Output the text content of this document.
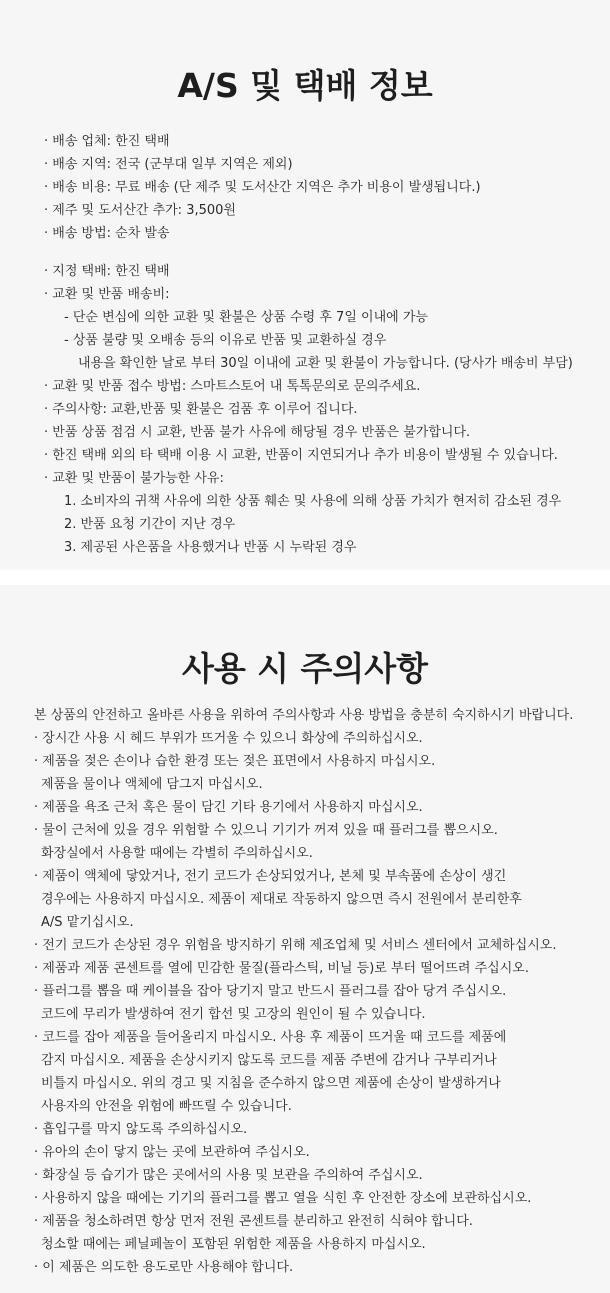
A/S 및 택배 정보
· 배송 업체: 한진 택배
· 배송 지역: 전국 (군부대 일부 지역은 제외)
· 배송 비용: 무료 배송 (단 제주 및 도서산간 지역은 추가 비용이 발생됩니다.)
· 제주 및 도서산간 추가: 3,500원
· 배송 방법: 순차 발송
· 지정 택배: 한진 택배
· 교환 및 반품 배송비:
- 단순 변심에 의한 교환 및 환불은 상품 수령 후 7일 이내에 가능
- 상품 불량 및 오배송 등의 이유로 반품 및 교환하실 경우
내용을 확인한 날로 부터 30일 이내에 교환 및 환불이 가능합니다. (당사가 배송비 부담)
· 교환 및 반품 접수 방법: 스마트스토어 내 톡톡문의로 문의주세요.
· 주의사항: 교환,반품 및 환불은 검품 후 이루어 집니다.
· 반품 상품 점검 시 교환, 반품 불가 사유에 해당될 경우 반품은 불가합니다.
· 한진 택배 외의 타 택배 이용 시 교환, 반품이 지연되거나 추가 비용이 발생될 수 있습니다.
· 교환 및 반품이 불가능한 사유:
1. 소비자의 귀책 사유에 의한 상품 훼손 및 사용에 의해 상품 가치가 현저히 감소된 경우
2. 반품 요청 기간이 지난 경우
3. 제공된 사은품을 사용했거나 반품 시 누락된 경우
사용 시 주의사항
본 상품의 안전하고 올바른 사용을 위하여 주의사항과 사용 방법을 충분히 숙지하시기 바랍니다.
· 장시간 사용 시 헤드 부위가 뜨거울 수 있으니 화상에 주의하십시오.
· 제품을 젖은 손이나 습한 환경 또는 젖은 표면에서 사용하지 마십시오.
제품을 물이나 액체에 담그지 마십시오.
· 제품을 욕조 근처 혹은 물이 담긴 기타 용기에서 사용하지 마십시오.
· 물이 근처에 있을 경우 위험할 수 있으니 기기가 꺼져 있을 때 플러그를 뽑으시오.
화장실에서 사용할 때에는 각별히 주의하십시오.
· 제품이 액체에 닿았거나, 전기 코드가 손상되었거나, 본체 및 부속품에 손상이 생긴
경우에는 사용하지 마십시오. 제품이 제대로 작동하지 않으면 즉시 전원에서 분리한후
A/S 맡기십시오.
· 전기 코드가 손상된 경우 위험을 방지하기 위해 제조업체 및 서비스 센터에서 교체하십시오.
· 제품과 제품 콘센트를 열에 민감한 물질(플라스틱, 비닐 등)로 부터 떨어뜨려 주십시오.
· 플러그를 뽑을 때 케이블을 잡아 당기지 말고 반드시 플러그를 잡아 당겨 주십시오.
코드에 무리가 발생하여 전기 합선 및 고장의 원인이 될 수 있습니다.
· 코드를 잡아 제품을 들어올리지 마십시오. 사용 후 제품이 뜨거울 때 코드를 제품에
감지 마십시오. 제품을 손상시키지 않도록 코드를 제품 주변에 감거나 구부리거나
비틀지 마십시오. 위의 경고 및 지침을 준수하지 않으면 제품에 손상이 발생하거나
사용자의 안전을 위험에 빠뜨릴 수 있습니다.
· 흡입구를 막지 않도록 주의하십시오.
· 유아의 손이 닿지 않는 곳에 보관하여 주십시오.
· 화장실 등 습기가 많은 곳에서의 사용 및 보관을 주의하여 주십시오.
· 사용하지 않을 때에는 기기의 플러그를 뽑고 열을 식힌 후 안전한 장소에 보관하십시오.
· 제품을 청소하려면 항상 먼저 전원 콘센트를 분리하고 완전히 식혀야 합니다.
청소할 때에는 페닐페놀이 포함된 위험한 제품을 사용하지 마십시오.
· 이 제품은 의도한 용도로만 사용해야 합니다.
